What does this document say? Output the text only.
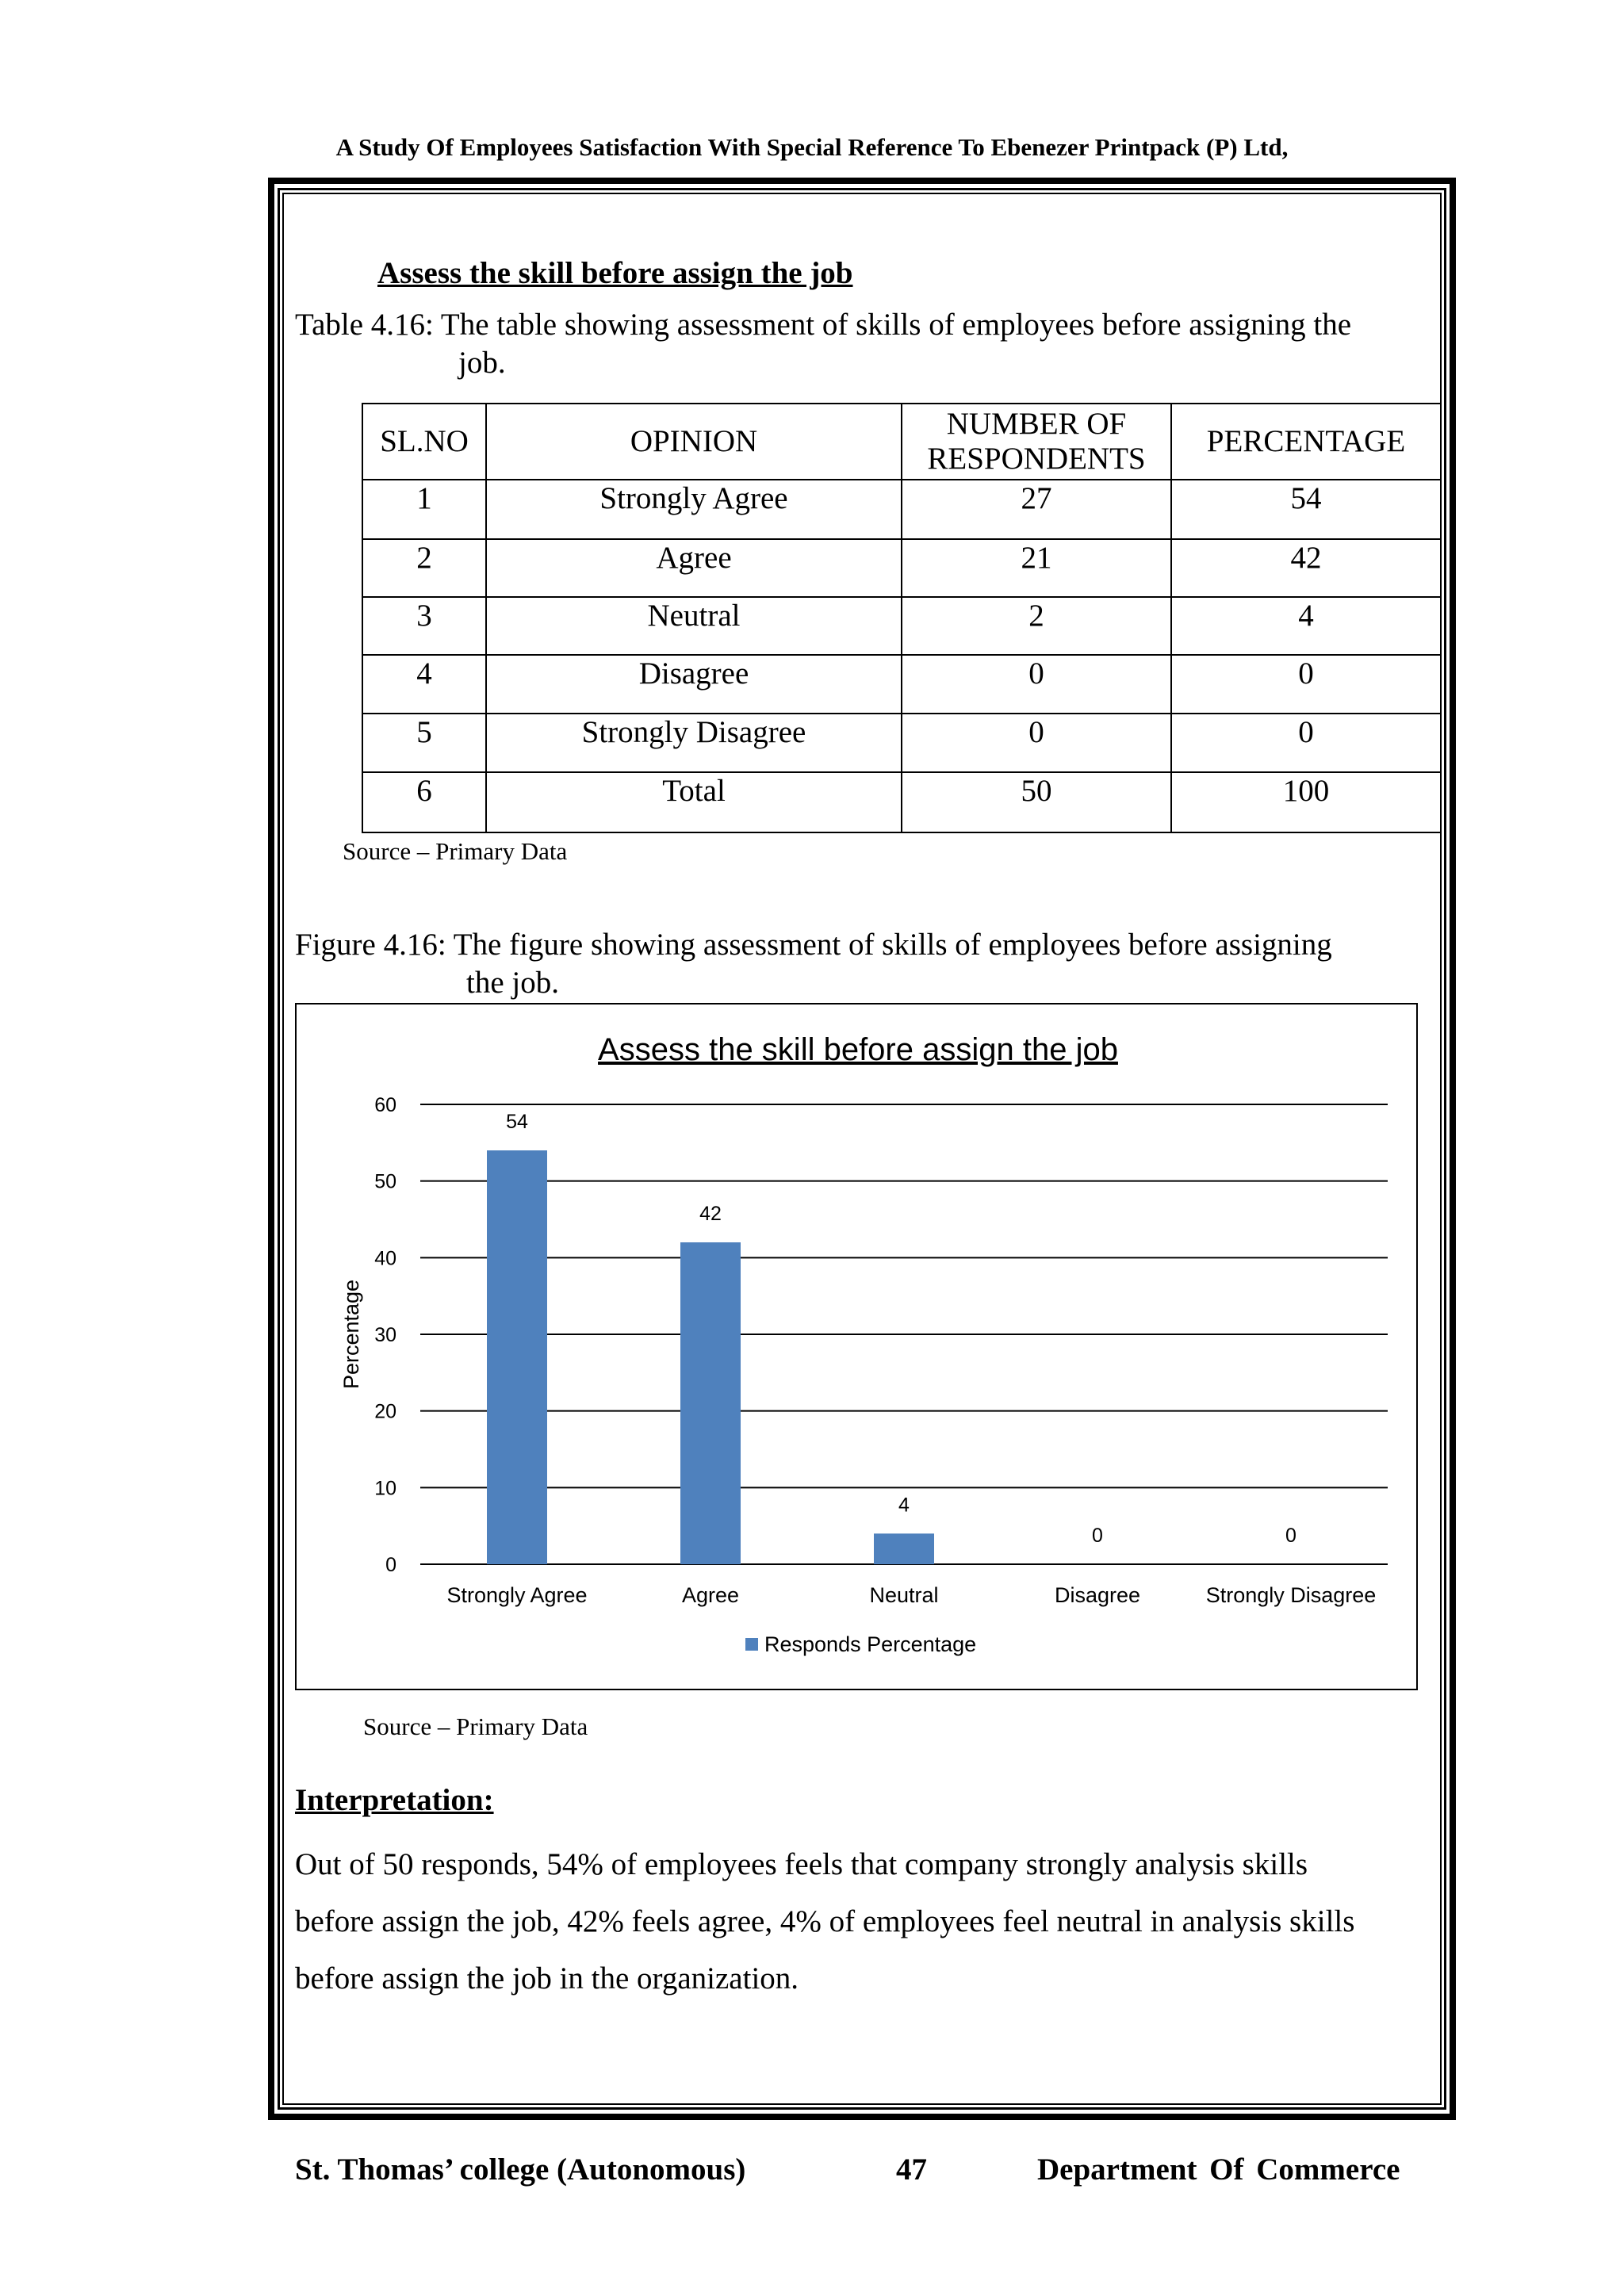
A Study Of Employees Satisfaction With Special Reference To Ebenezer Printpack (P) Ltd,
Assess the skill before assign the job
Table 4.16: The table showing assessment of skills of employees before assigning the
job.
SL.NO	OPINION	NUMBER OF
RESPONDENTS	PERCENTAGE
1	Strongly Agree	27	54
2	Agree	21	42
3	Neutral	2	4
4	Disagree	0	0
5	Strongly Disagree	0	0
6	Total	50	100
Source – Primary Data
Figure 4.16: The figure showing assessment of skills of employees before assigning
the job.
Assess the skill before assign the job
0
10
20
30
40
50
60
Percentage
54
Strongly Agree
42
Agree
4
Neutral
0
Disagree
0
Strongly Disagree
Responds Percentage
Source – Primary Data
Interpretation:
Out of 50 responds, 54% of employees feels that company strongly analysis skills
before assign the job, 42% feels agree, 4% of employees feel neutral in analysis skills
before assign the job in the organization.
St. Thomas’ college (Autonomous)	47	Department Of Commerce
